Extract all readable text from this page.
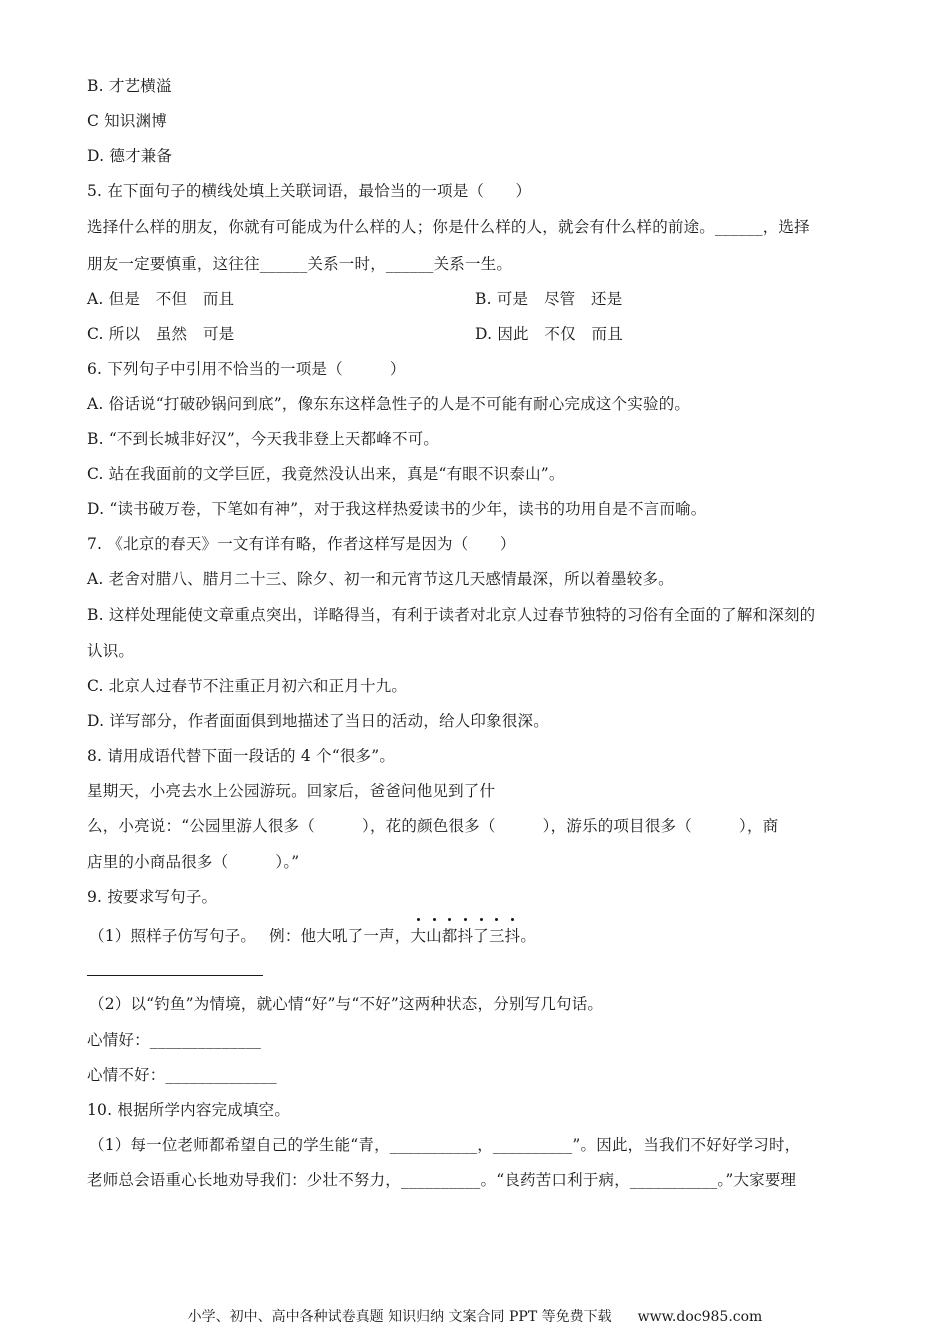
B. 才艺横溢
C 知识渊博
D. 德才兼备
5. 在下面句子的横线处填上关联词语，最恰当的一项是（　　）
选择什么样的朋友，你就有可能成为什么样的人；你是什么样的人，就会有什么样的前途。______，选择
朋友一定要慎重，这往往______关系一时，______关系一生。
A. 但是　不但　而且	B. 可是　尽管　还是
C. 所以　虽然　可是	D. 因此　不仅　而且
6. 下列句子中引用不恰当的一项是（　　　）
A. 俗话说“打破砂锅问到底”，像东东这样急性子的人是不可能有耐心完成这个实验的。
B. “不到长城非好汉”，今天我非登上天都峰不可。
C. 站在我面前的文学巨匠，我竟然没认出来，真是“有眼不识泰山”。
D. “读书破万卷，下笔如有神”，对于我这样热爱读书的少年，读书的功用自是不言而喻。
7. 《北京的春天》一文有详有略，作者这样写是因为（　　）
A. 老舍对腊八、腊月二十三、除夕、初一和元宵节这几天感情最深，所以着墨较多。
B. 这样处理能使文章重点突出，详略得当，有利于读者对北京人过春节独特的习俗有全面的了解和深刻的
认识。
C. 北京人过春节不注重正月初六和正月十九。
D. 详写部分，作者面面俱到地描述了当日的活动，给人印象很深。
8. 请用成语代替下面一段话的 4 个“很多”。
星期天，小亮去水上公园游玩。回家后，爸爸问他见到了什
么，小亮说：“公园里游人很多（　　　），花的颜色很多（　　　），游乐的项目很多（　　　），商
店里的小商品很多（　　　）。”
9. 按要求写句子。
（1）照样子仿写句子。　 例：他大吼了一声，大
山
都
抖
了
三
抖
。
（2）以“钓鱼”为情境，就心情“好”与“不好”这两种状态，分别写几句话。
心情好：______________
心情不好：______________
10. 根据所学内容完成填空。
（1）每一位老师都希望自己的学生能“青，___________，__________”。因此，当我们不好好学习时，
老师总会语重心长地劝导我们：少壮不努力，__________。“良药苦口利于病，___________。”大家要理
小学、初中、高中各种试卷真题 知识归纳 文案合同 PPT 等免费下载 www.doc985.com
